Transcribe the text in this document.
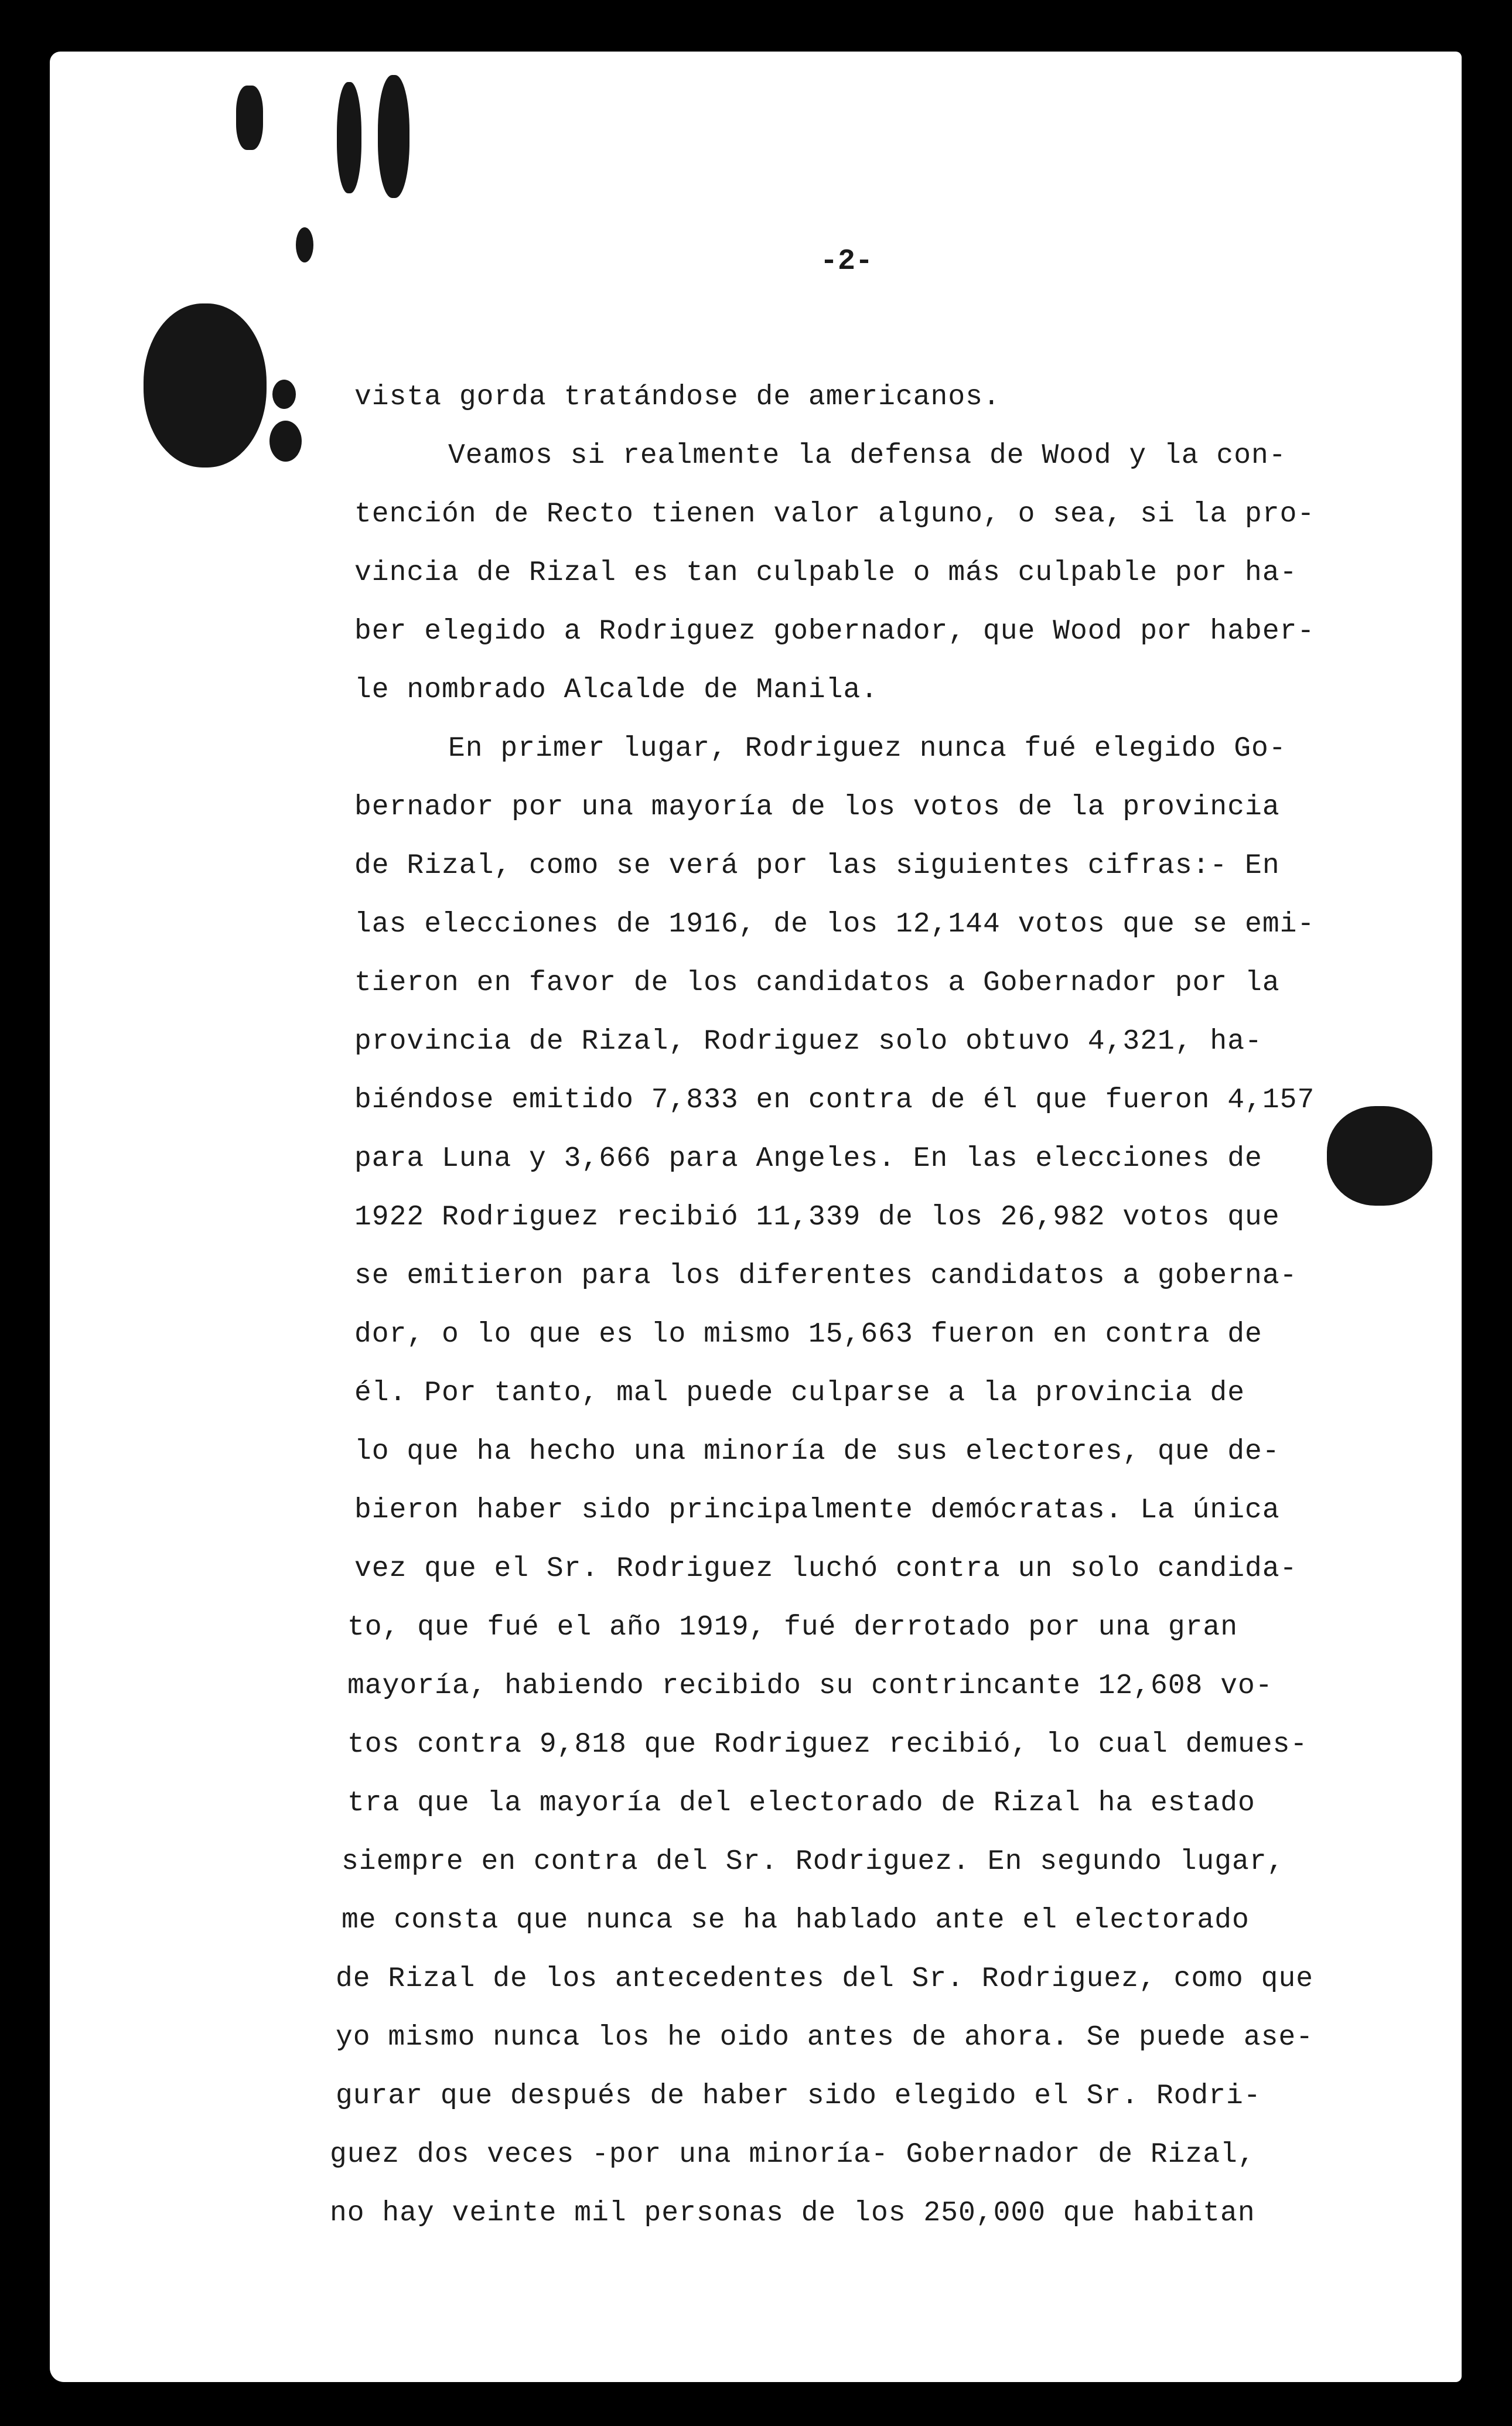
-2-
vista gorda tratándose de americanos.
Veamos si realmente la defensa de Wood y la con-
tención de Recto tienen valor alguno, o sea, si la pro-
vincia de Rizal es tan culpable o más culpable por ha-
ber elegido a Rodriguez gobernador, que Wood por haber-
le nombrado Alcalde de Manila.
En primer lugar, Rodriguez nunca fué elegido Go-
bernador por una mayoría de los votos de la provincia
de Rizal, como se verá por las siguientes cifras:- En
las elecciones de 1916, de los 12,144 votos que se emi-
tieron en favor de los candidatos a Gobernador por la
provincia de Rizal, Rodriguez solo obtuvo 4,321, ha-
biéndose emitido 7,833 en contra de él que fueron 4,157
para Luna y 3,666 para Angeles. En las elecciones de
1922 Rodriguez recibió 11,339 de los 26,982 votos que
se emitieron para los diferentes candidatos a goberna-
dor, o lo que es lo mismo 15,663 fueron en contra de
él. Por tanto, mal puede culparse a la provincia de
lo que ha hecho una minoría de sus electores, que de-
bieron haber sido principalmente demócratas. La única
vez que el Sr. Rodriguez luchó contra un solo candida-
to, que fué el año 1919, fué derrotado por una gran
mayoría, habiendo recibido su contrincante 12,608 vo-
tos contra 9,818 que Rodriguez recibió, lo cual demues-
tra que la mayoría del electorado de Rizal ha estado
siempre en contra del Sr. Rodriguez. En segundo lugar,
me consta que nunca se ha hablado ante el electorado
de Rizal de los antecedentes del Sr. Rodriguez, como que
yo mismo nunca los he oido antes de ahora. Se puede ase-
gurar que después de haber sido elegido el Sr. Rodri-
guez dos veces -por una minoría- Gobernador de Rizal,
no hay veinte mil personas de los 250,000 que habitan
